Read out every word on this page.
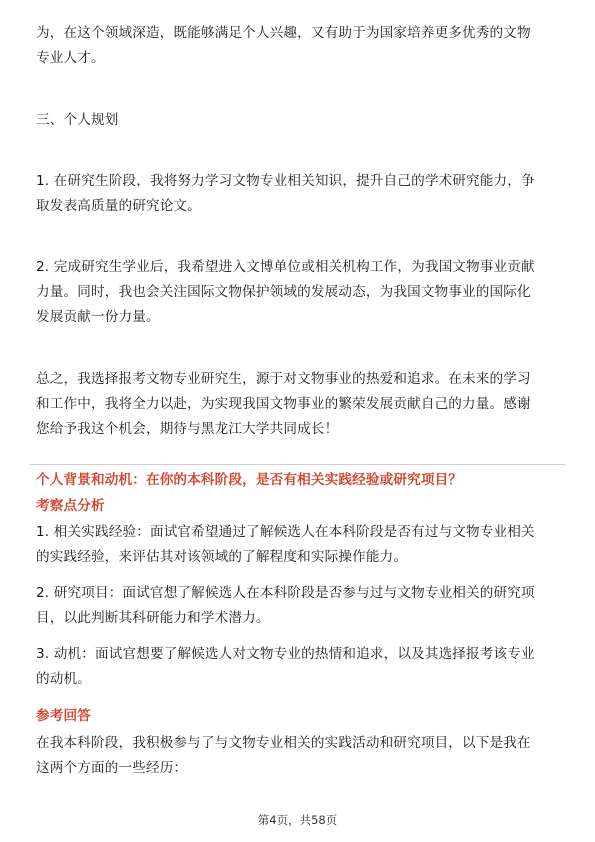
为，在这个领域深造，既能够满足个人兴趣，又有助于为国家培养更多优秀的文物

专业人才。

三、个人规划

1. 在研究生阶段，我将努力学习文物专业相关知识，提升自己的学术研究能力，争

取发表高质量的研究论文。

2. 完成研究生学业后，我希望进入文博单位或相关机构工作，为我国文物事业贡献

力量。同时，我也会关注国际文物保护领域的发展动态，为我国文物事业的国际化

发展贡献一份力量。

总之，我选择报考文物专业研究生，源于对文物事业的热爱和追求。在未来的学习

和工作中，我将全力以赴，为实现我国文物事业的繁荣发展贡献自己的力量。感谢

您给予我这个机会，期待与黑龙江大学共同成长！

个人背景和动机：在你的本科阶段，是否有相关实践经验或研究项目？

考察点分析

1. 相关实践经验：面试官希望通过了解候选人在本科阶段是否有过与文物专业相关

的实践经验，来评估其对该领域的了解程度和实际操作能力。

2. 研究项目：面试官想了解候选人在本科阶段是否参与过与文物专业相关的研究项

目，以此判断其科研能力和学术潜力。

3. 动机：面试官想要了解候选人对文物专业的热情和追求，以及其选择报考该专业

的动机。

参考回答

在我本科阶段，我积极参与了与文物专业相关的实践活动和研究项目，以下是我在

这两个方面的一些经历：

第4页，共58页
